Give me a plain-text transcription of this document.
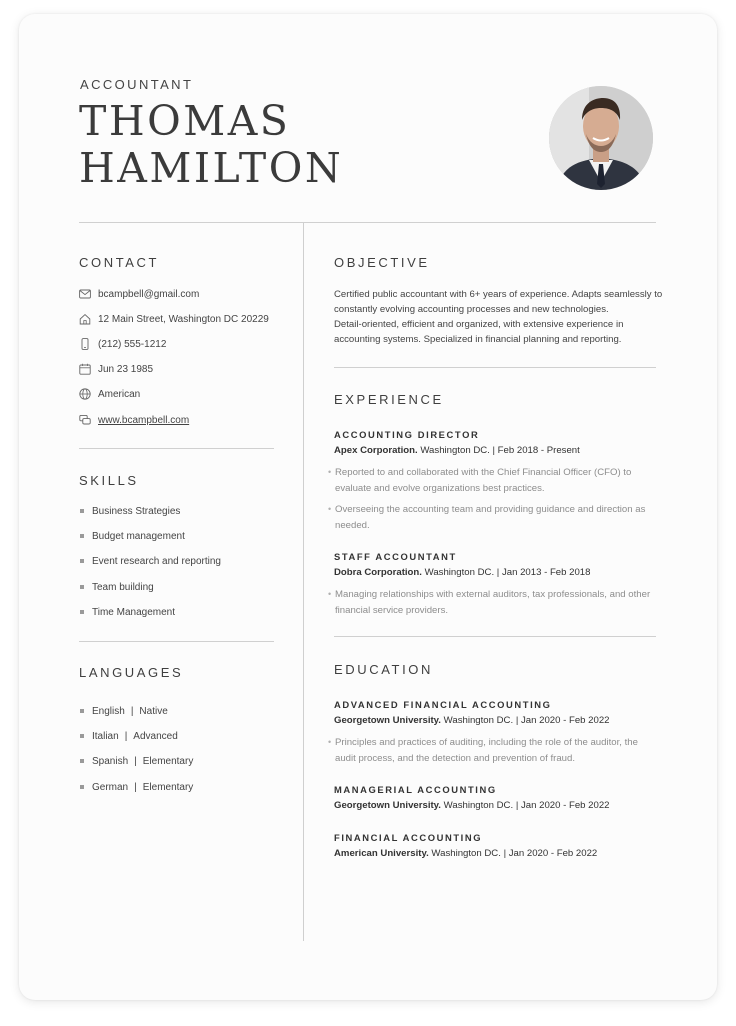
ACCOUNTANT
THOMAS
HAMILTON
CONTACT
bcampbell@gmail.com
12 Main Street, Washington DC 20229
(212) 555-1212
Jun 23 1985
American
www.bcampbell.com
SKILLS
Business Strategies
Budget management
Event research and reporting
Team building
Time Management
LANGUAGES
English | Native
Italian | Advanced
Spanish | Elementary
German | Elementary
OBJECTIVE
Certified public accountant with 6+ years of experience. Adapts seamlessly to
constantly evolving accounting processes and new technologies.
Detail-oriented, efficient and organized, with extensive experience in
accounting systems. Specialized in financial planning and reporting.
EXPERIENCE
ACCOUNTING DIRECTOR
Apex Corporation. Washington DC. | Feb 2018 - Present
• Reported to and collaborated with the Chief Financial Officer (CFO) to
evaluate and evolve organizations best practices.
• Overseeing the accounting team and providing guidance and direction as
needed.
STAFF ACCOUNTANT
Dobra Corporation. Washington DC. | Jan 2013 - Feb 2018
• Managing relationships with external auditors, tax professionals, and other
financial service providers.
EDUCATION
ADVANCED FINANCIAL ACCOUNTING
Georgetown University. Washington DC. | Jan 2020 - Feb 2022
• Principles and practices of auditing, including the role of the auditor, the
audit process, and the detection and prevention of fraud.
MANAGERIAL ACCOUNTING
Georgetown University. Washington DC. | Jan 2020 - Feb 2022
FINANCIAL ACCOUNTING
American University. Washington DC. | Jan 2020 - Feb 2022
